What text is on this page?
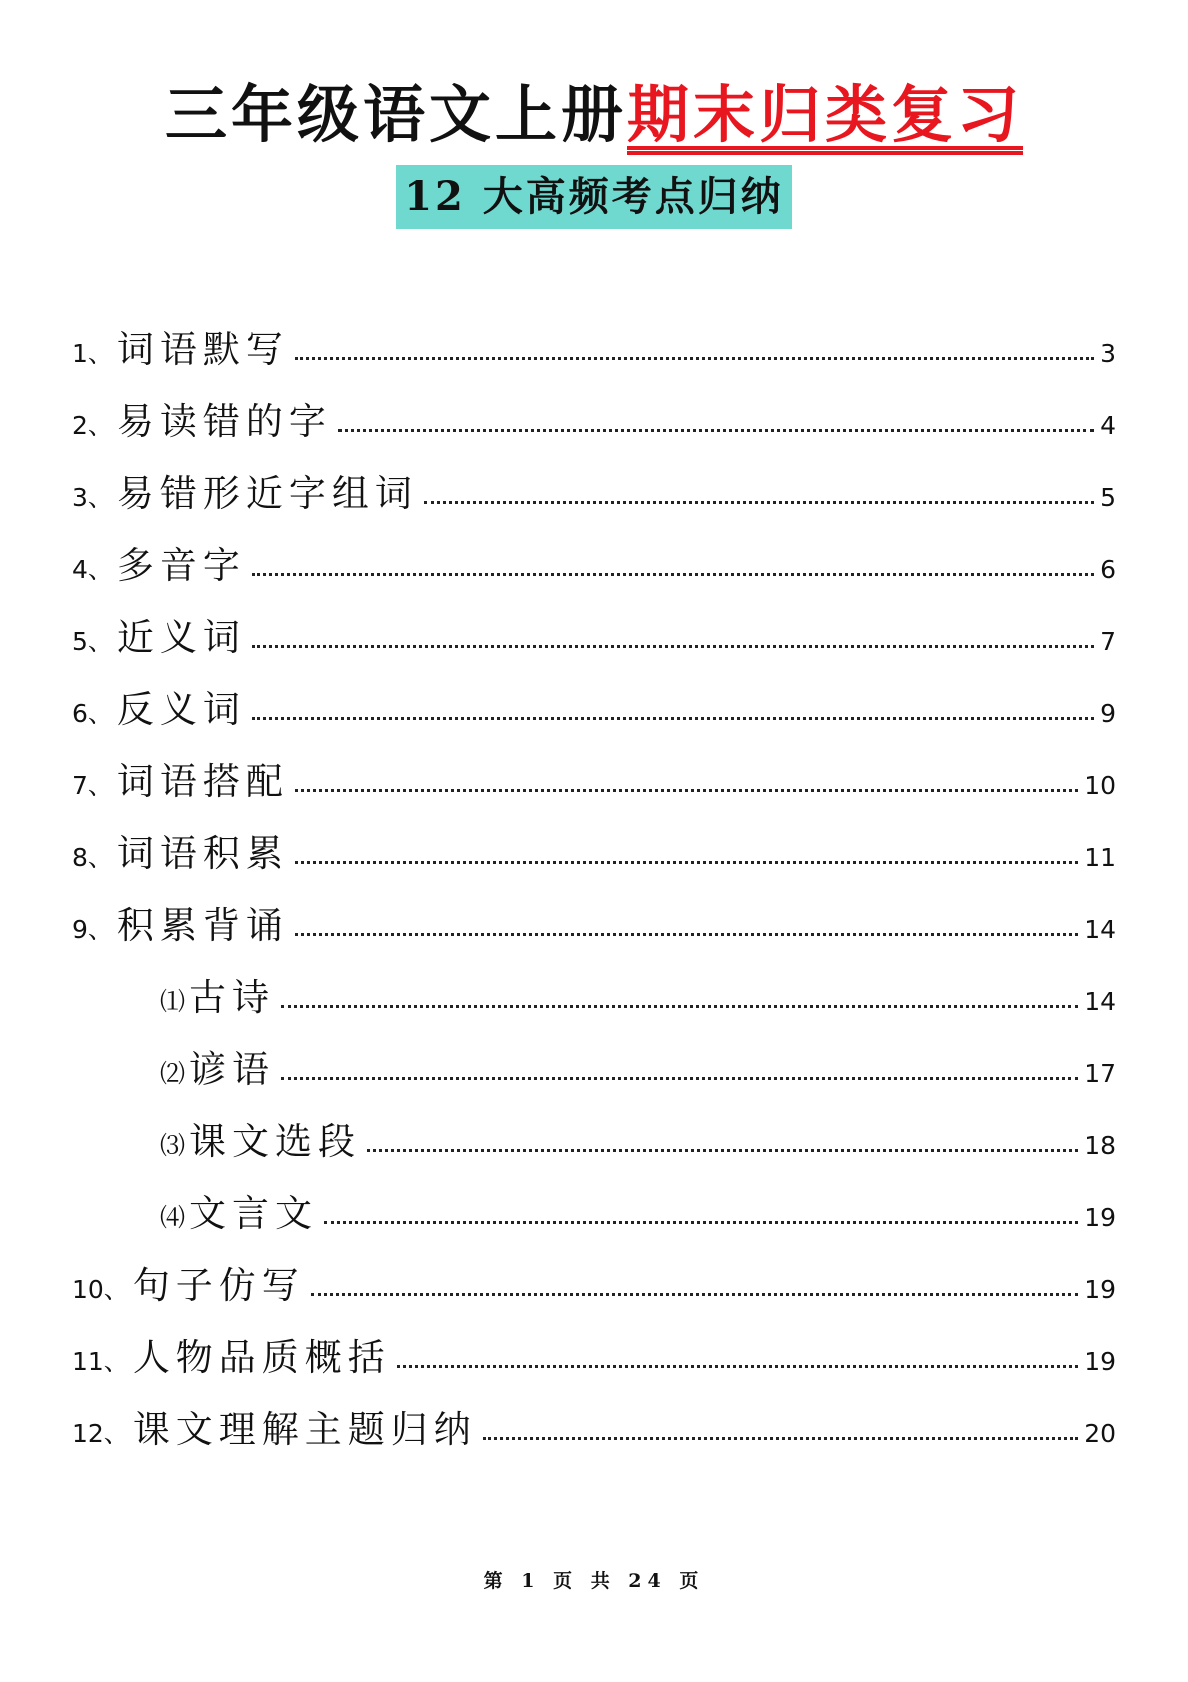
三年级语文上册期末归类复习
12 大高频考点归纳
1、 词语默写	3
2、 易读错的字	4
3、 易错形近字组词	5
4、 多音字	6
5、 近义词	7
6、 反义词	9
7、 词语搭配	10
8、 词语积累	11
9、 积累背诵	14
⑴ 古诗	14
⑵ 谚语	17
⑶ 课文选段	18
⑷ 文言文	19
10、 句子仿写	19
11、 人物品质概括	19
12、 课文理解主题归纳	20
第 1 页 共 24 页
